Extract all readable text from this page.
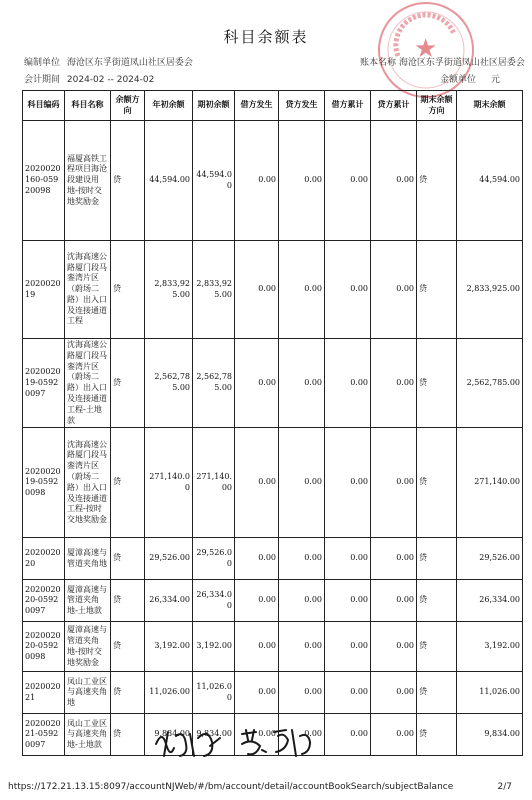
★
科目余额表
编制单位 海沧区东孚街道凤山社区居委会
会计期间 2024-02 -- 2024-02
账本名称 海沧区东孚街道凤山社区居委会
金额单位 元
科目编码	科目名称	余额方向	年初余额	期初余额	借方发生	贷方发生	借方累计	贷方累计	期末余额方向	期末余额
2020020160-05920098	福厦高铁工程项目海沧段建设用地-按时交地奖励金	贷	44,594.00	44,594.00	0.00	0.00	0.00	0.00	贷	44,594.00
202002019	沈海高速公路厦门段马銮湾片区（蔚场二路）出入口及连接通道工程	贷	2,833,925.00	2,833,925.00	0.00	0.00	0.00	0.00	贷	2,833,925.00
202002019-05920097	沈海高速公路厦门段马銮湾片区（蔚场二路）出入口及连接通道工程-土地款	贷	2,562,785.00	2,562,785.00	0.00	0.00	0.00	0.00	贷	2,562,785.00
202002019-05920098	沈海高速公路厦门段马銮湾片区（蔚场二路）出入口及连接通道工程-按时交地奖励金	贷	271,140.00	271,140.00	0.00	0.00	0.00	0.00	贷	271,140.00
202002020	厦漳高速与管道夹角地	贷	29,526.00	29,526.00	0.00	0.00	0.00	0.00	贷	29,526.00
202002020-05920097	厦漳高速与管道夹角地-土地款	贷	26,334.00	26,334.00	0.00	0.00	0.00	0.00	贷	26,334.00
202002020-05920098	厦漳高速与管道夹角地-按时交地奖励金	贷	3,192.00	3,192.00	0.00	0.00	0.00	0.00	贷	3,192.00
202002021	凤山工业区与高速夹角地	贷	11,026.00	11,026.00	0.00	0.00	0.00	0.00	贷	11,026.00
202002021-05920097	凤山工业区与高速夹角地-土地款	贷	9,834.00	9,834.00	0.00	0.00	0.00	0.00	贷	9,834.00
https://172.21.13.15:8097/accountNJWeb/#/bm/account/detail/accountBookSearch/subjectBalance	2/7
